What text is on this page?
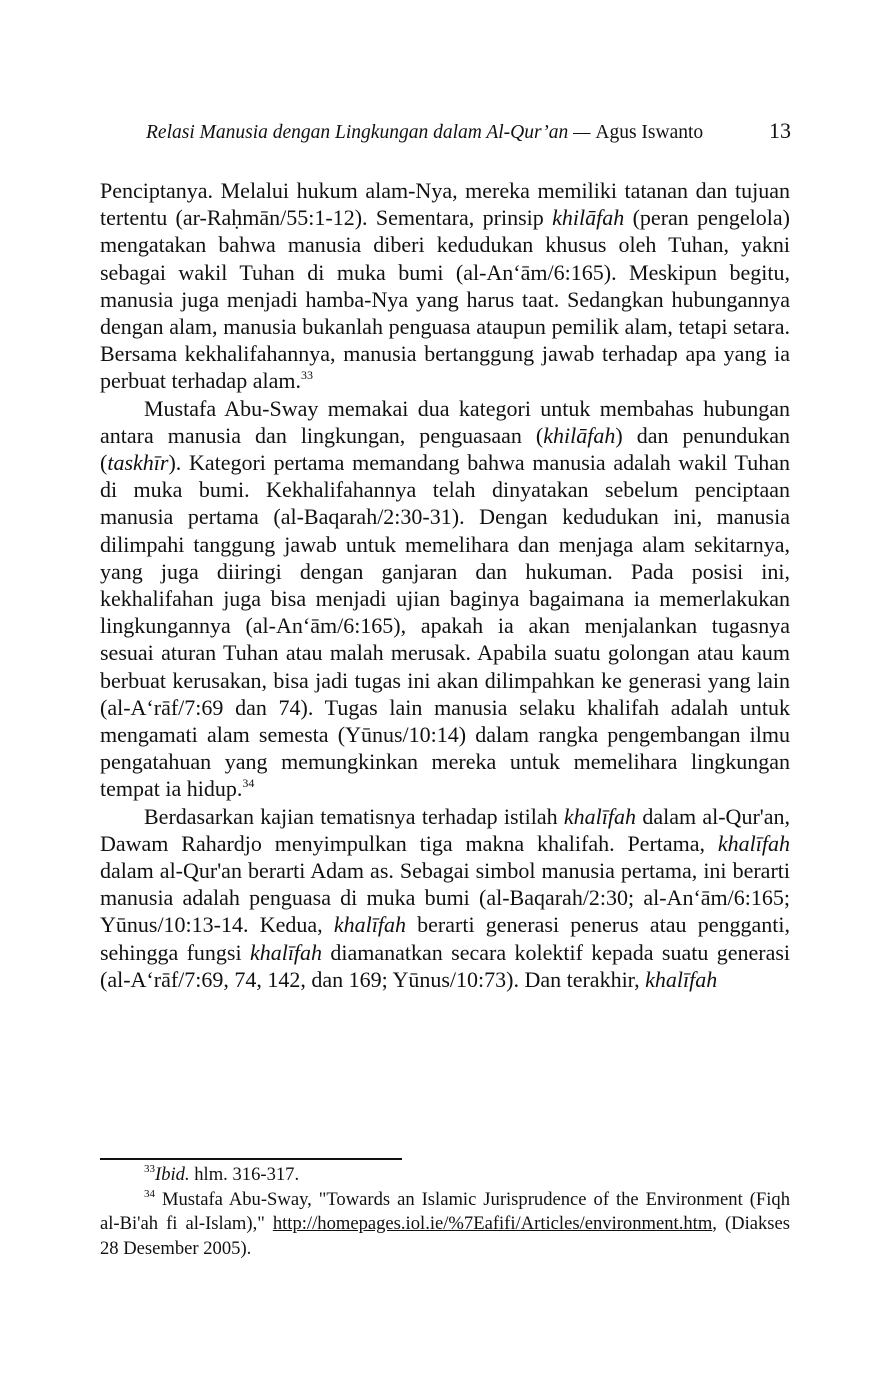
Relasi Manusia dengan Lingkungan dalam Al-Qur’an — Agus Iswanto	13

Penciptanya. Melalui hukum alam-Nya, mereka memiliki tatanan dan tujuan tertentu (ar-Raḥmān/55:1-12). Sementara, prinsip khilāfah (peran pengelola) mengatakan bahwa manusia diberi kedudukan khusus oleh Tuhan, yakni sebagai wakil Tuhan di muka bumi (al-An‘ām/6:165). Meskipun begitu, manusia juga menjadi hamba-Nya yang harus taat. Sedangkan hubungannya dengan alam, manusia bukanlah penguasa ataupun pemilik alam, tetapi setara. Bersama kekhalifahannya, manusia bertanggung jawab terhadap apa yang ia perbuat terhadap alam.$^{33}$

Mustafa Abu-Sway memakai dua kategori untuk membahas hubungan antara manusia dan lingkungan, penguasaan (khilāfah) dan penundukan (taskhīr). Kategori pertama memandang bahwa manusia adalah wakil Tuhan di muka bumi. Kekhalifahannya telah dinyatakan sebelum penciptaan manusia pertama (al-Baqarah/2:30-31). Dengan kedudukan ini, manusia dilimpahi tanggung jawab untuk memelihara dan menjaga alam sekitarnya, yang juga diiringi dengan ganjaran dan hukuman. Pada posisi ini, kekhalifahan juga bisa menjadi ujian baginya bagaimana ia memerlakukan lingkungannya (al-An‘ām/6:165), apakah ia akan menjalankan tugasnya sesuai aturan Tuhan atau malah merusak. Apabila suatu golongan atau kaum berbuat kerusakan, bisa jadi tugas ini akan dilimpahkan ke generasi yang lain (al-A‘rāf/7:69 dan 74). Tugas lain manusia selaku khalifah adalah untuk mengamati alam semesta (Yūnus/10:14) dalam rangka pengembangan ilmu pengatahuan yang memungkinkan mereka untuk memelihara lingkungan tempat ia hidup.$^{34}$

Berdasarkan kajian tematisnya terhadap istilah khalīfah dalam al-Qur'an, Dawam Rahardjo menyimpulkan tiga makna khalifah. Pertama, khalīfah dalam al-Qur'an berarti Adam as. Sebagai simbol manusia pertama, ini berarti manusia adalah penguasa di muka bumi (al-Baqarah/2:30; al-An‘ām/6:165; Yūnus/10:13-14. Kedua, khalīfah berarti generasi penerus atau pengganti, sehingga fungsi khalīfah diamanatkan secara kolektif kepada suatu generasi (al-A‘rāf/7:69, 74, 142, dan 169; Yūnus/10:73). Dan terakhir, khalīfah

$^{33}$Ibid. hlm. 316-317.

$^{34}$ Mustafa Abu-Sway, "Towards an Islamic Jurisprudence of the Environment (Fiqh al-Bi'ah fi al-Islam)," http://homepages.iol.ie/%7Eafifi/Articles/environment.htm, (Diakses 28 Desember 2005).
